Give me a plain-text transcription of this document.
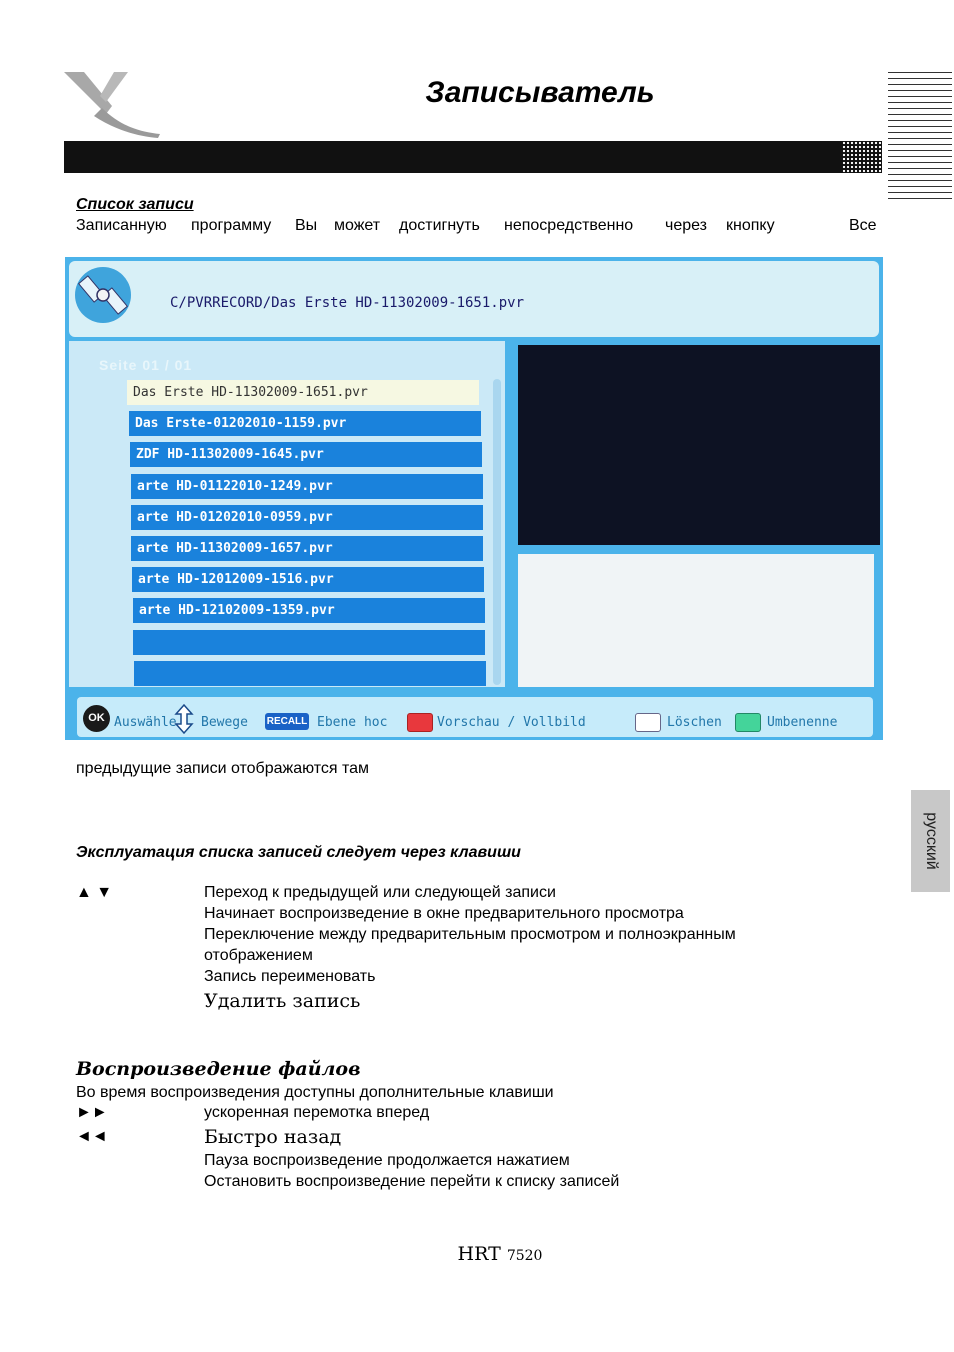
Записыватель
русский
Список записи
Записанную программу Вы может достигнуть непосредственно через кнопку	Все
C/PVRRECORD/Das Erste HD-11302009-1651.pvr
Seite 01 / 01
Das Erste HD-11302009-1651.pvr
Das Erste-01202010-1159.pvr
ZDF HD-11302009-1645.pvr
arte HD-01122010-1249.pvr
arte HD-01202010-0959.pvr
arte HD-11302009-1657.pvr
arte HD-12012009-1516.pvr
arte HD-12102009-1359.pvr
OK Auswähle Bewege RECALL Ebene hoc	Vorschau / Vollbild	Löschen	Umbenenne
предыдущие записи отображаются там
Эксплуатация списка записей следует через клавиши
▲ ▼	Переход к предыдущей или следующей записи
Начинает воспроизведение в окне предварительного просмотра
Переключение между предварительным просмотром и полноэкранным
отображением
Запись переименовать
Удалить запись
Воспроизведение файлов
Во время воспроизведения доступны дополнительные клавиши
►►	ускоренная перемотка вперед
◄◄	Быстро назад
Пауза воспроизведение продолжается нажатием
Остановить воспроизведение перейти к списку записей
HRT 7520
